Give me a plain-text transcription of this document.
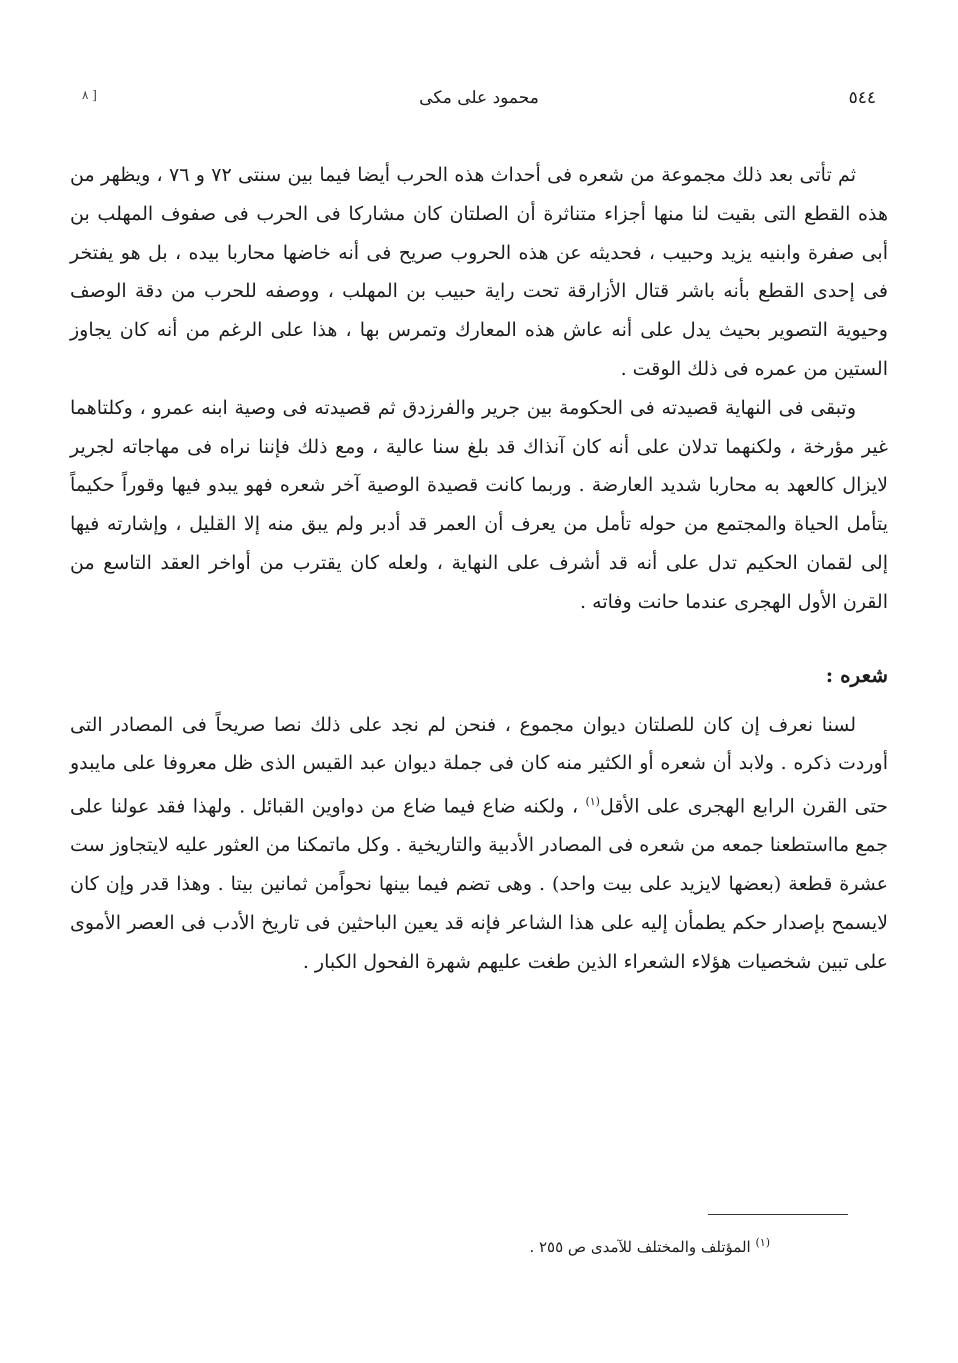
٥٤٤
محمود على مكى
[ ٨

ثم تأتى بعد ذلك مجموعة من شعره فى أحداث هذه الحرب أيضا فيما بين سنتى ٧٢ و ٧٦ ، ويظهر من هذه القطع التى بقيت لنا منها أجزاء متناثرة أن الصلتان كان مشاركا فى الحرب فى صفوف المهلب بن أبى صفرة وابنيه يزيد وحبيب ، فحديثه عن هذه الحروب صريح فى أنه خاضها محاربا بيده ، بل هو يفتخر فى إحدى القطع بأنه باشر قتال الأزارقة تحت راية حبيب بن المهلب ، ووصفه للحرب من دقة الوصف وحيوية التصوير بحيث يدل على أنه عاش هذه المعارك وتمرس بها ، هذا على الرغم من أنه كان يجاوز الستين من عمره فى ذلك الوقت .

وتبقى فى النهاية قصيدته فى الحكومة بين جرير والفرزدق ثم قصيدته فى وصية ابنه عمرو ، وكلتاهما غير مؤرخة ، ولكنهما تدلان على أنه كان آنذاك قد بلغ سنا عالية ، ومع ذلك فإننا نراه فى مهاجاته لجرير لايزال كالعهد به محاربا شديد العارضة . وربما كانت قصيدة الوصية آخر شعره فهو يبدو فيها وقوراً حكيماً يتأمل الحياة والمجتمع من حوله تأمل من يعرف أن العمر قد أدبر ولم يبق منه إلا القليل ، وإشارته فيها إلى لقمان الحكيم تدل على أنه قد أشرف على النهاية ، ولعله كان يقترب من أواخر العقد التاسع من القرن الأول الهجرى عندما حانت وفاته .

شعره :

لسنا نعرف إن كان للصلتان ديوان مجموع ، فنحن لم نجد على ذلك نصا صريحاً فى المصادر التى أوردت ذكره . ولابد أن شعره أو الكثير منه كان فى جملة ديوان عبد القيس الذى ظل معروفا على مايبدو حتى القرن الرابع الهجرى على الأقل$^{(١)}$ ، ولكنه ضاع فيما ضاع من دواوين القبائل . ولهذا فقد عولنا على جمع مااستطعنا جمعه من شعره فى المصادر الأدبية والتاريخية . وكل ماتمكنا من العثور عليه لايتجاوز ست عشرة قطعة (بعضها لايزيد على بيت واحد) . وهى تضم فيما بينها نحواًمن ثمانين بيتا . وهذا قدر وإن كان لايسمح بإصدار حكم يطمأن إليه على هذا الشاعر فإنه قد يعين الباحثين فى تاريخ الأدب فى العصر الأموى على تبين شخصيات هؤلاء الشعراء الذين طغت عليهم شهرة الفحول الكبار .

$^{(١)}$ المؤتلف والمختلف للآمدى ص ٢٥٥ .
